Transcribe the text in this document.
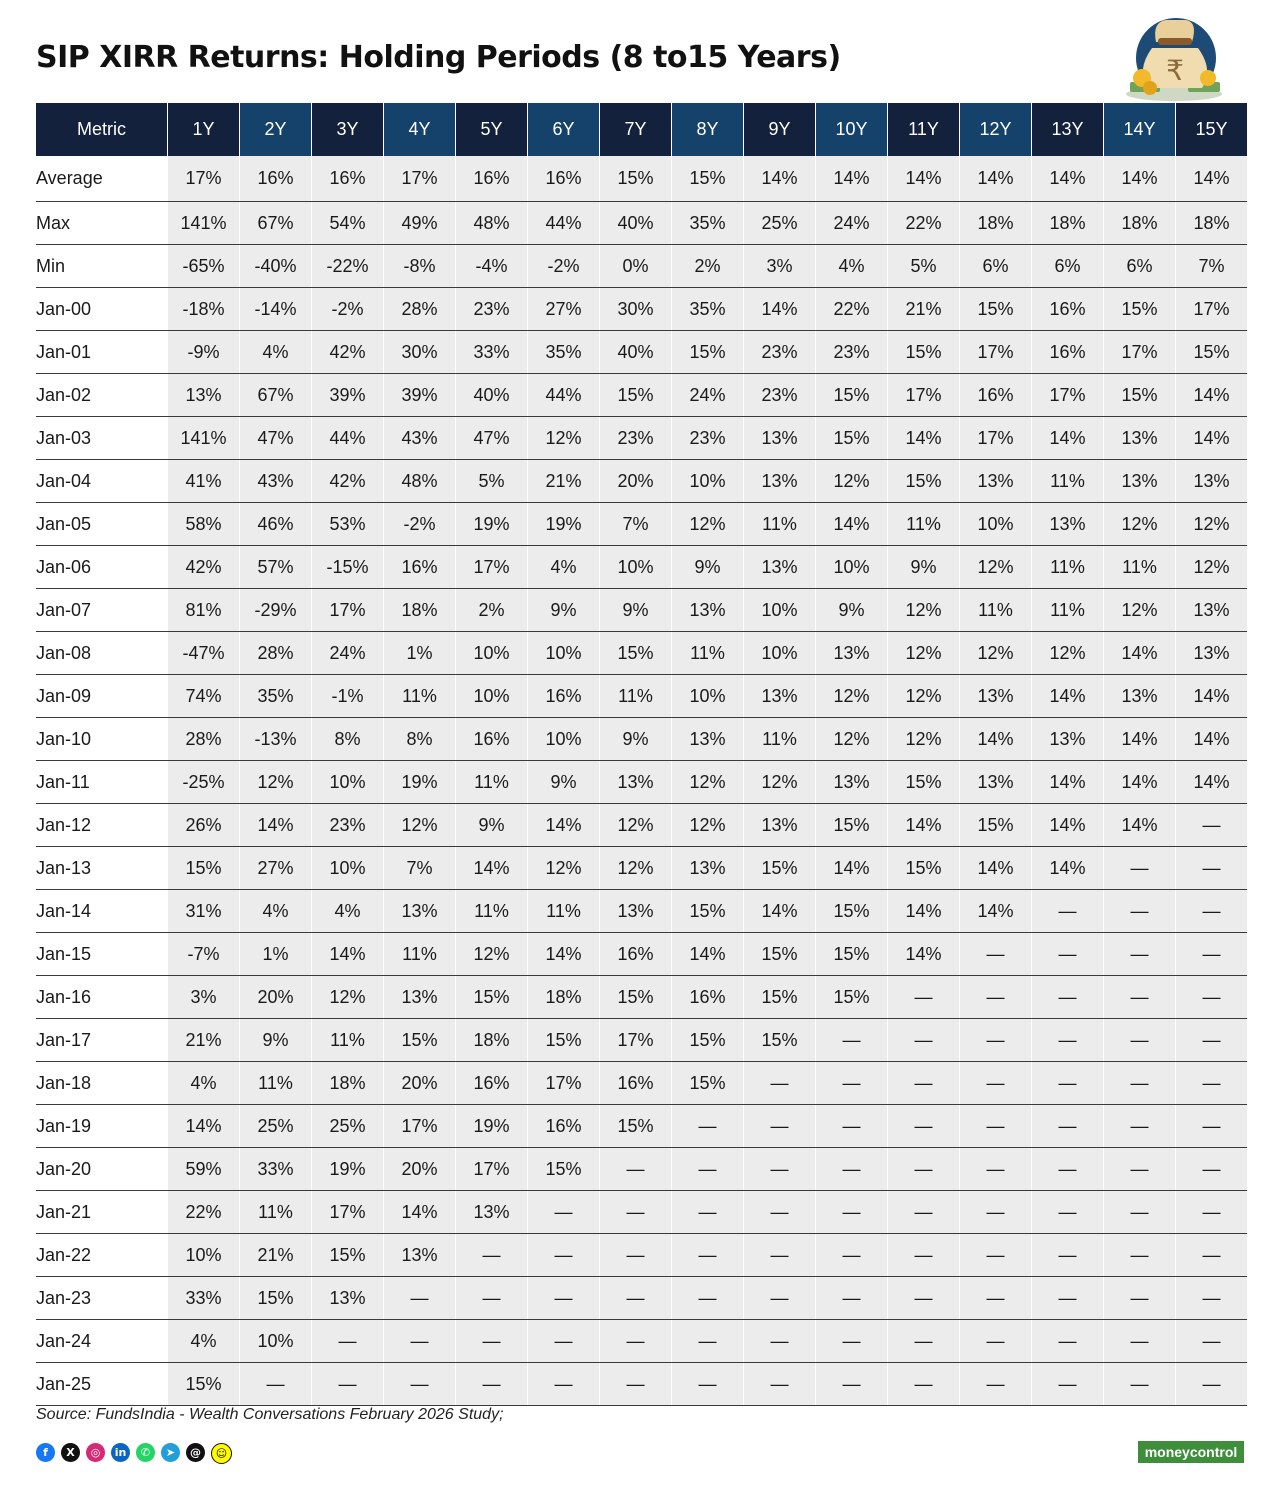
SIP XIRR Returns: Holding Periods (8 to15 Years)	₹
Metric	1Y	2Y	3Y	4Y	5Y	6Y	7Y	8Y	9Y	10Y	11Y	12Y	13Y	14Y	15Y
Average	17%	16%	16%	17%	16%	16%	15%	15%	14%	14%	14%	14%	14%	14%	14%
Max	141%	67%	54%	49%	48%	44%	40%	35%	25%	24%	22%	18%	18%	18%	18%
Min	-65%	-40%	-22%	-8%	-4%	-2%	0%	2%	3%	4%	5%	6%	6%	6%	7%
Jan-00	-18%	-14%	-2%	28%	23%	27%	30%	35%	14%	22%	21%	15%	16%	15%	17%
Jan-01	-9%	4%	42%	30%	33%	35%	40%	15%	23%	23%	15%	17%	16%	17%	15%
Jan-02	13%	67%	39%	39%	40%	44%	15%	24%	23%	15%	17%	16%	17%	15%	14%
Jan-03	141%	47%	44%	43%	47%	12%	23%	23%	13%	15%	14%	17%	14%	13%	14%
Jan-04	41%	43%	42%	48%	5%	21%	20%	10%	13%	12%	15%	13%	11%	13%	13%
Jan-05	58%	46%	53%	-2%	19%	19%	7%	12%	11%	14%	11%	10%	13%	12%	12%
Jan-06	42%	57%	-15%	16%	17%	4%	10%	9%	13%	10%	9%	12%	11%	11%	12%
Jan-07	81%	-29%	17%	18%	2%	9%	9%	13%	10%	9%	12%	11%	11%	12%	13%
Jan-08	-47%	28%	24%	1%	10%	10%	15%	11%	10%	13%	12%	12%	12%	14%	13%
Jan-09	74%	35%	-1%	11%	10%	16%	11%	10%	13%	12%	12%	13%	14%	13%	14%
Jan-10	28%	-13%	8%	8%	16%	10%	9%	13%	11%	12%	12%	14%	13%	14%	14%
Jan-11	-25%	12%	10%	19%	11%	9%	13%	12%	12%	13%	15%	13%	14%	14%	14%
Jan-12	26%	14%	23%	12%	9%	14%	12%	12%	13%	15%	14%	15%	14%	14%	—
Jan-13	15%	27%	10%	7%	14%	12%	12%	13%	15%	14%	15%	14%	14%	—	—
Jan-14	31%	4%	4%	13%	11%	11%	13%	15%	14%	15%	14%	14%	—	—	—
Jan-15	-7%	1%	14%	11%	12%	14%	16%	14%	15%	15%	14%	—	—	—	—
Jan-16	3%	20%	12%	13%	15%	18%	15%	16%	15%	15%	—	—	—	—	—
Jan-17	21%	9%	11%	15%	18%	15%	17%	15%	15%	—	—	—	—	—	—
Jan-18	4%	11%	18%	20%	16%	17%	16%	15%	—	—	—	—	—	—	—
Jan-19	14%	25%	25%	17%	19%	16%	15%	—	—	—	—	—	—	—	—
Jan-20	59%	33%	19%	20%	17%	15%	—	—	—	—	—	—	—	—	—
Jan-21	22%	11%	17%	14%	13%	—	—	—	—	—	—	—	—	—	—
Jan-22	10%	21%	15%	13%	—	—	—	—	—	—	—	—	—	—	—
Jan-23	33%	15%	13%	—	—	—	—	—	—	—	—	—	—	—	—
Jan-24	4%	10%	—	—	—	—	—	—	—	—	—	—	—	—	—
Jan-25	15%	—	—	—	—	—	—	—	—	—	—	—	—	—	—
Source: FundsIndia - Wealth Conversations February 2026 Study;
f	X	◎	in	✆	➤	@	☺	moneycontrol
